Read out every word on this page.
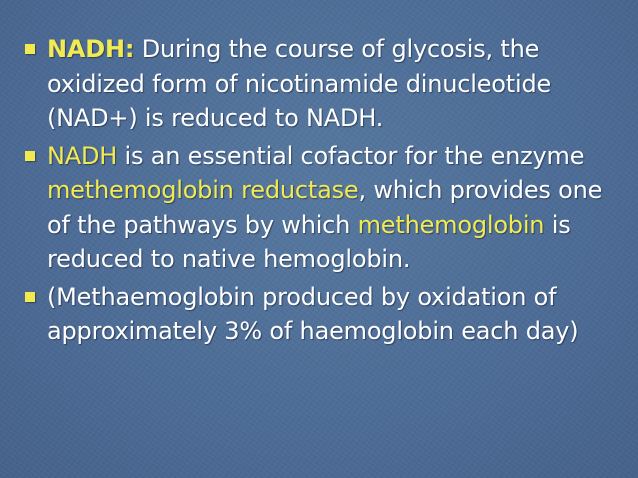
NADH: During the course of glycosis, the oxidized form of nicotinamide dinucleotide (NAD+) is reduced to NADH.
NADH is an essential cofactor for the enzyme methemoglobin reductase, which provides one of the pathways by which methemoglobin is reduced to native hemoglobin.
(Methaemoglobin produced by oxidation of approximately 3% of haemoglobin each day)
